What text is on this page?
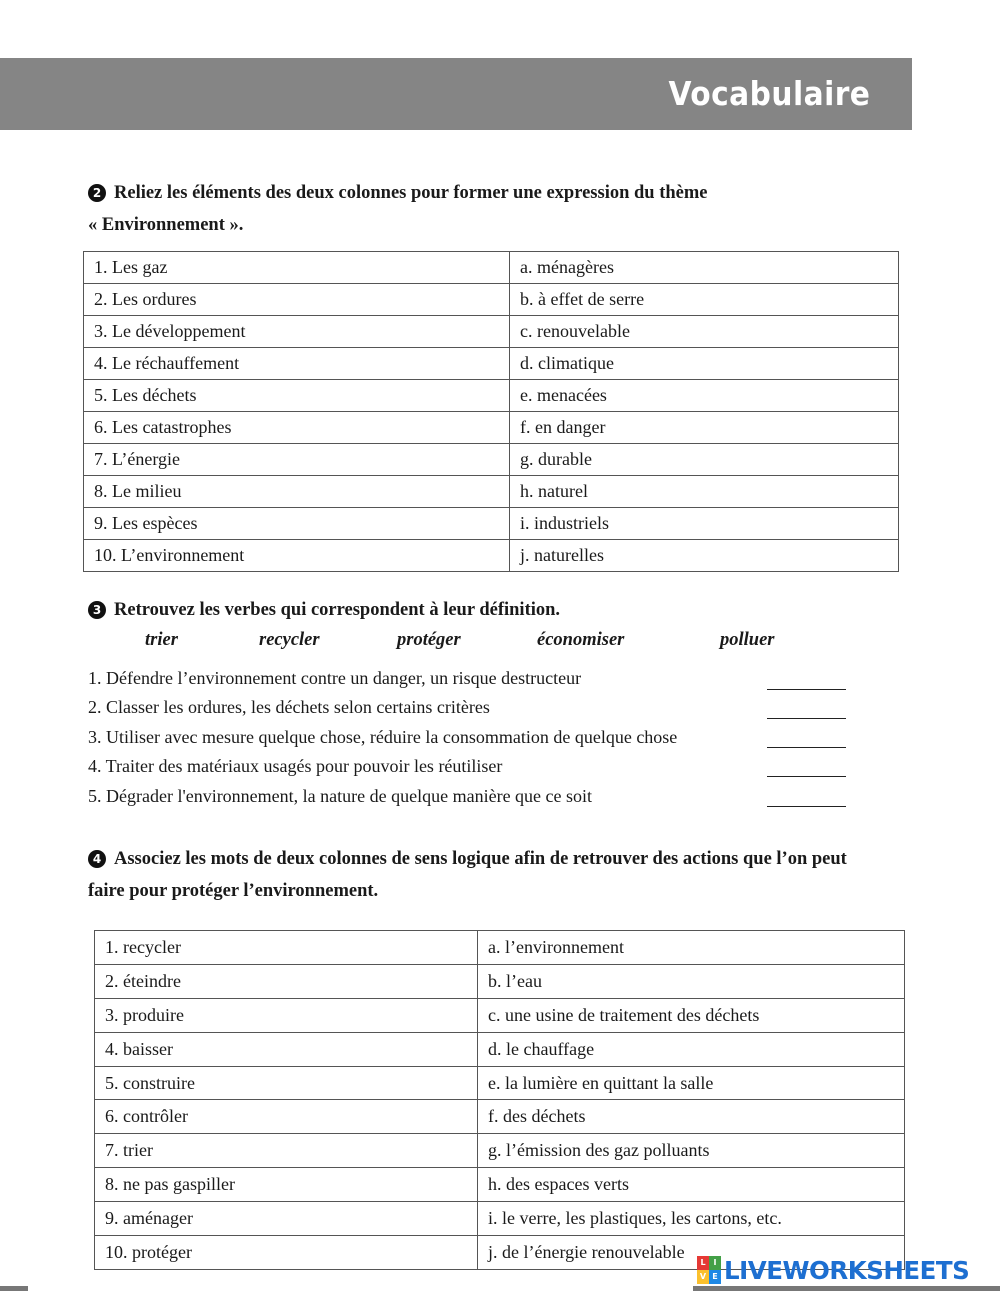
Vocabulaire
2 Reliez les éléments des deux colonnes pour former une expression du thème
« Environnement ».
1. Les gaz	a. ménagères
2. Les ordures	b. à effet de serre
3. Le développement	c. renouvelable
4. Le réchauffement	d. climatique
5. Les déchets	e. menacées
6. Les catastrophes	f. en danger
7. L’énergie	g. durable
8. Le milieu	h. naturel
9. Les espèces	i. industriels
10. L’environnement	j. naturelles
3 Retrouvez les verbes qui correspondent à leur définition.
trier	recycler	protéger	économiser	polluer
1. Défendre l’environnement contre un danger, un risque destructeur
2. Classer les ordures, les déchets selon certains critères
3. Utiliser avec mesure quelque chose, réduire la consommation de quelque chose
4. Traiter des matériaux usagés pour pouvoir les réutiliser
5. Dégrader l'environnement, la nature de quelque manière que ce soit
4 Associez les mots de deux colonnes de sens logique afin de retrouver des actions que l’on peut
faire pour protéger l’environnement.
1. recycler	a. l’environnement
2. éteindre	b. l’eau
3. produire	c. une usine de traitement des déchets
4. baisser	d. le chauffage
5. construire	e. la lumière en quittant la salle
6. contrôler	f. des déchets
7. trier	g. l’émission des gaz polluants
8. ne pas gaspiller	h. des espaces verts
9. aménager	i. le verre, les plastiques, les cartons, etc.
10. protéger	j. de l’énergie renouvelable
L I
V E LIVEWORKSHEETS
